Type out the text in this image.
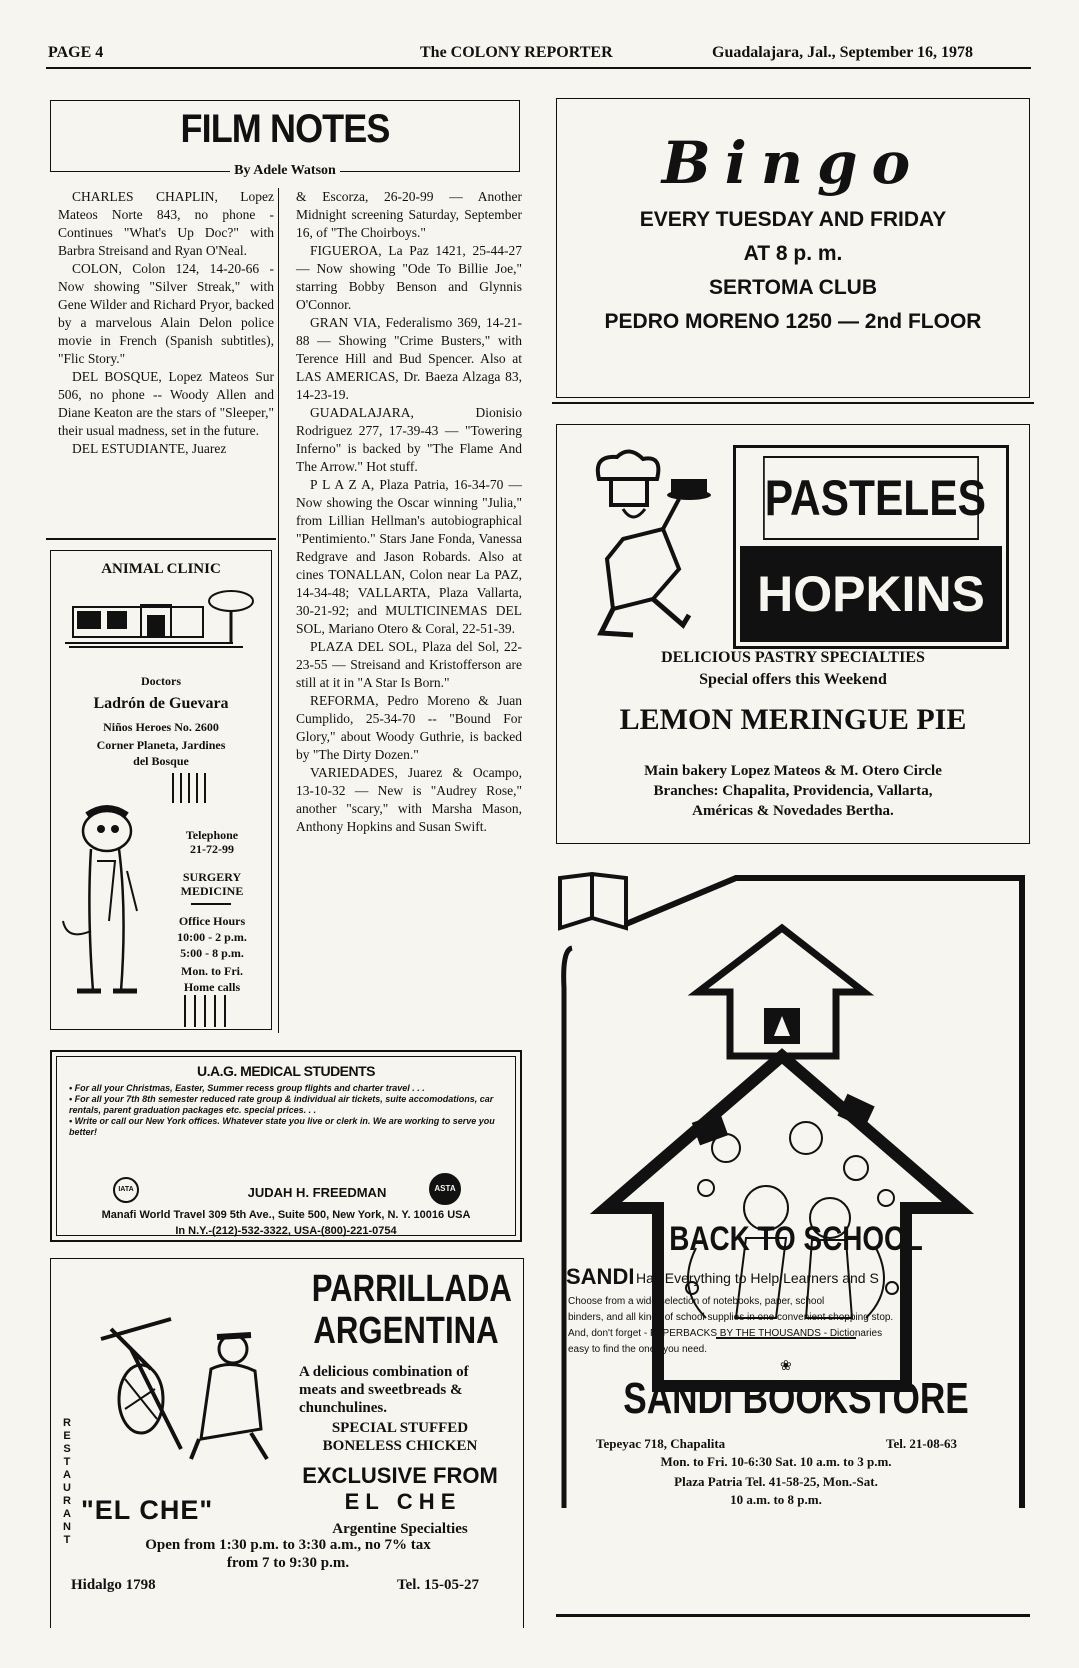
PAGE 4	The COLONY REPORTER	Guadalajara, Jal., September 16, 1978
FILM NOTES
By Adele Watson

CHARLES CHAPLIN, Lopez Mateos Norte 843, no phone - Continues "What's Up Doc?" with Barbra Streisand and Ryan O'Neal.

COLON, Colon 124, 14-20-66 - Now showing "Silver Streak," with Gene Wilder and Richard Pryor, backed by a marvelous Alain Delon police movie in French (Spanish subtitles), "Flic Story."

DEL BOSQUE, Lopez Mateos Sur 506, no phone -- Woody Allen and Diane Keaton are the stars of "Sleeper," their usual madness, set in the future.

DEL ESTUDIANTE, Juarez

& Escorza, 26-20-99 — Another Midnight screening Saturday, September 16, of "The Choirboys."

FIGUEROA, La Paz 1421, 25-44-27 — Now showing "Ode To Billie Joe," starring Bobby Benson and Glynnis O'Connor.

GRAN VIA, Federalismo 369, 14-21-88 — Showing "Crime Busters," with Terence Hill and Bud Spencer. Also at LAS AMERICAS, Dr. Baeza Alzaga 83, 14-23-19.

GUADALAJARA, Dionisio Rodriguez 277, 17-39-43 — "Towering Inferno" is backed by "The Flame And The Arrow." Hot stuff.

P L A Z A, Plaza Patria, 16-34-70 — Now showing the Oscar winning "Julia," from Lillian Hellman's autobiographical "Pentimiento." Stars Jane Fonda, Vanessa Redgrave and Jason Robards. Also at cines TONALLAN, Colon near La PAZ, 14-34-48; VALLARTA, Plaza Vallarta, 30-21-92; and MULTICINEMAS DEL SOL, Mariano Otero & Coral, 22-51-39.

PLAZA DEL SOL, Plaza del Sol, 22-23-55 — Streisand and Kristofferson are still at it in "A Star Is Born."

REFORMA, Pedro Moreno & Juan Cumplido, 25-34-70 -- "Bound For Glory," about Woody Guthrie, is backed by "The Dirty Dozen."

VARIEDADES, Juarez & Ocampo, 13-10-32 — New is "Audrey Rose," another "scary," with Marsha Mason, Anthony Hopkins and Susan Swift.

ANIMAL CLINIC
Doctors
Ladrón de Guevara
Niños Heroes No. 2600
Corner Planeta, Jardines
del Bosque
Telephone
21-72-99
SURGERY
MEDICINE
Office Hours
10:00 - 2 p.m.
5:00 - 8 p.m.
Mon. to Fri.
Home calls
U.A.G. MEDICAL STUDENTS
• For all your Christmas, Easter, Summer recess group flights and charter travel . . .
• For all your 7th 8th semester reduced rate group & individual air tickets, suite accomodations, car rentals, parent graduation packages etc. special prices. . .
• Write or call our New York offices. Whatever state you live or clerk in. We are working to serve you better!
IATA	JUDAH H. FREEDMAN	ASTA
Manafi World Travel 309 5th Ave., Suite 500, New York, N. Y. 10016 USA
In N.Y.-(212)-532-3322, USA-(800)-221-0754
PARRILLADA
ARGENTINA
A delicious combination of meats and sweetbreads & chunchulines.
SPECIAL STUFFED BONELESS CHICKEN
EXCLUSIVE FROM
E L   C H E
Argentine Specialties
RESTAURANT
"EL CHE"
Open from 1:30 p.m. to 3:30 a.m., no 7% tax
from 7 to 9:30 p.m.
Hidalgo 1798	Tel. 15-05-27
Bingo
EVERY TUESDAY AND FRIDAY
AT 8 p. m.
SERTOMA CLUB
PEDRO MORENO 1250 — 2nd FLOOR
PASTELES
HOPKINS
DELICIOUS PASTRY SPECIALTIES
Special offers this Weekend
LEMON MERINGUE PIE
Main bakery Lopez Mateos & M. Otero Circle
Branches: Chapalita, Providencia, Vallarta,
Américas & Novedades Bertha.
BACK TO SCHOOL
SANDI Has Everything to Help Learners and S
Choose from a wide selection of notebooks, paper, school
binders, and all kinds of school supplies in one convenient shopping stop.
And, don't forget - PAPERBACKS BY THE THOUSANDS - Dictionaries
easy to find the ones you need.
❀
SANDI BOOKSTORE
Tepeyac 718, Chapalita	Tel. 21-08-63
Mon. to Fri. 10-6:30 Sat. 10 a.m. to 3 p.m.
Plaza Patria Tel. 41-58-25, Mon.-Sat.
10 a.m. to 8 p.m.
